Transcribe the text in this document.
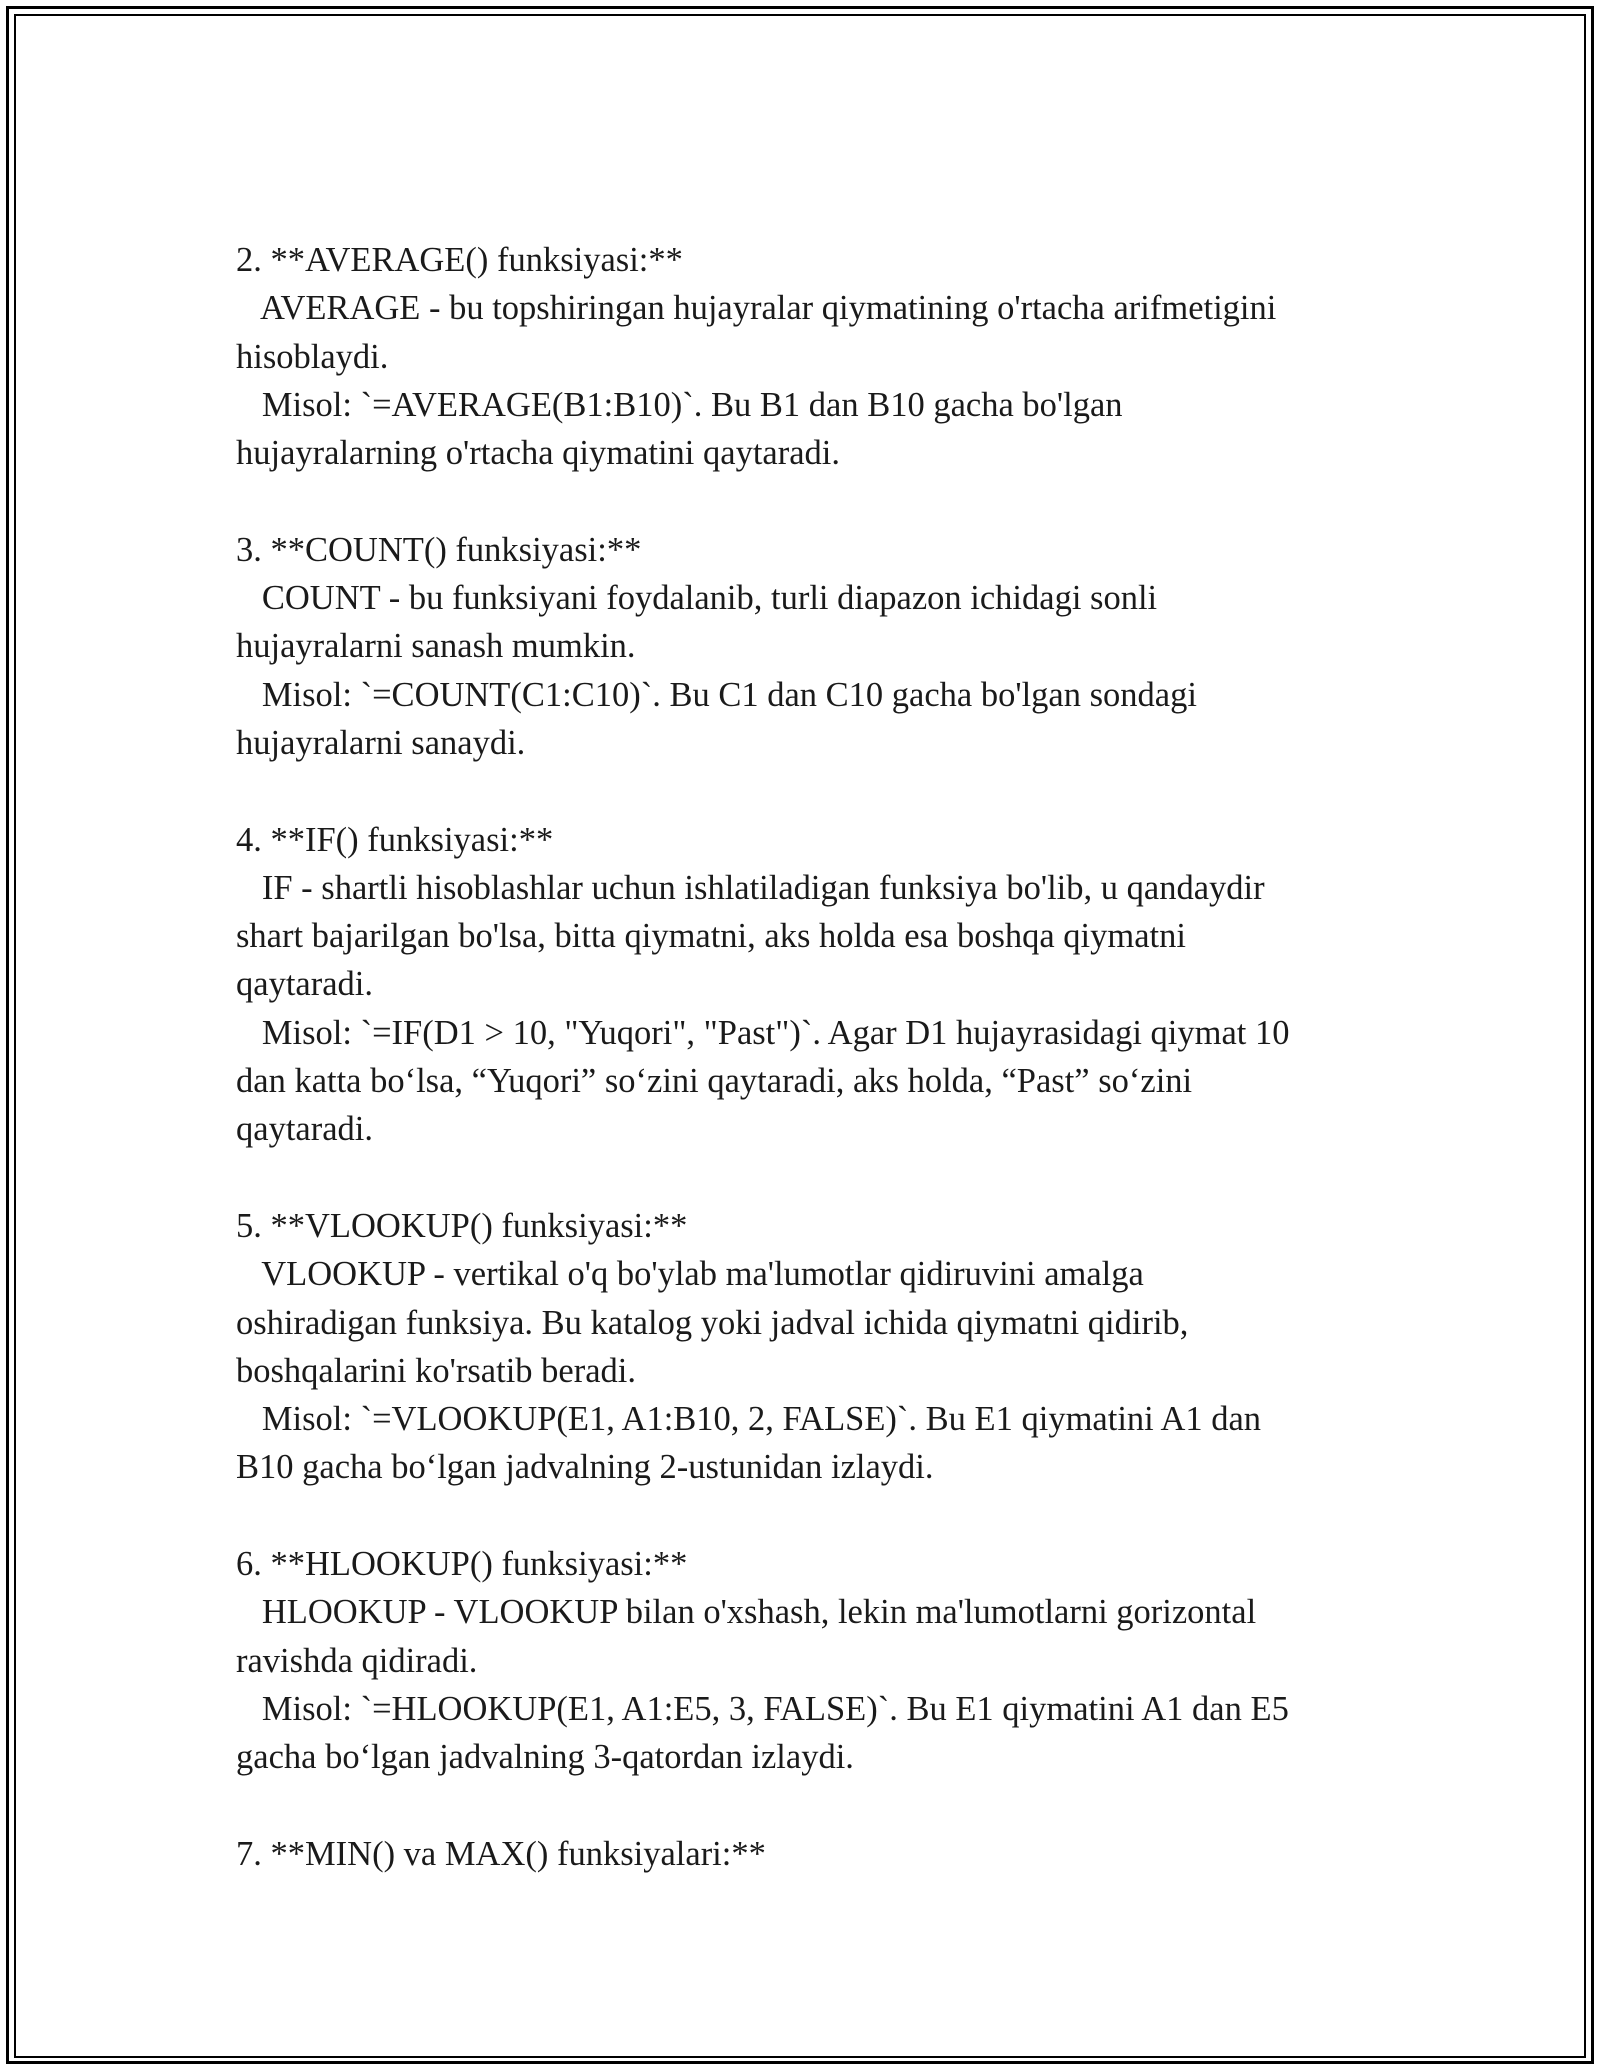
2. **AVERAGE() funksiyasi:**
AVERAGE - bu topshiringan hujayralar qiymatining o'rtacha arifmetigini
hisoblaydi.
Misol: `=AVERAGE(B1:B10)`. Bu B1 dan B10 gacha bo'lgan
hujayralarning o'rtacha qiymatini qaytaradi.
3. **COUNT() funksiyasi:**
COUNT - bu funksiyani foydalanib, turli diapazon ichidagi sonli
hujayralarni sanash mumkin.
Misol: `=COUNT(C1:C10)`. Bu C1 dan C10 gacha bo'lgan sondagi
hujayralarni sanaydi.
4. **IF() funksiyasi:**
IF - shartli hisoblashlar uchun ishlatiladigan funksiya bo'lib, u qandaydir
shart bajarilgan bo'lsa, bitta qiymatni, aks holda esa boshqa qiymatni
qaytaradi.
Misol: `=IF(D1 > 10, "Yuqori", "Past")`. Agar D1 hujayrasidagi qiymat 10
dan katta bo‘lsa, “Yuqori” so‘zini qaytaradi, aks holda, “Past” so‘zini
qaytaradi.
5. **VLOOKUP() funksiyasi:**
VLOOKUP - vertikal o'q bo'ylab ma'lumotlar qidiruvini amalga
oshiradigan funksiya. Bu katalog yoki jadval ichida qiymatni qidirib,
boshqalarini ko'rsatib beradi.
Misol: `=VLOOKUP(E1, A1:B10, 2, FALSE)`. Bu E1 qiymatini A1 dan
B10 gacha bo‘lgan jadvalning 2-ustunidan izlaydi.
6. **HLOOKUP() funksiyasi:**
HLOOKUP - VLOOKUP bilan o'xshash, lekin ma'lumotlarni gorizontal
ravishda qidiradi.
Misol: `=HLOOKUP(E1, A1:E5, 3, FALSE)`. Bu E1 qiymatini A1 dan E5
gacha bo‘lgan jadvalning 3-qatordan izlaydi.
7. **MIN() va MAX() funksiyalari:**
